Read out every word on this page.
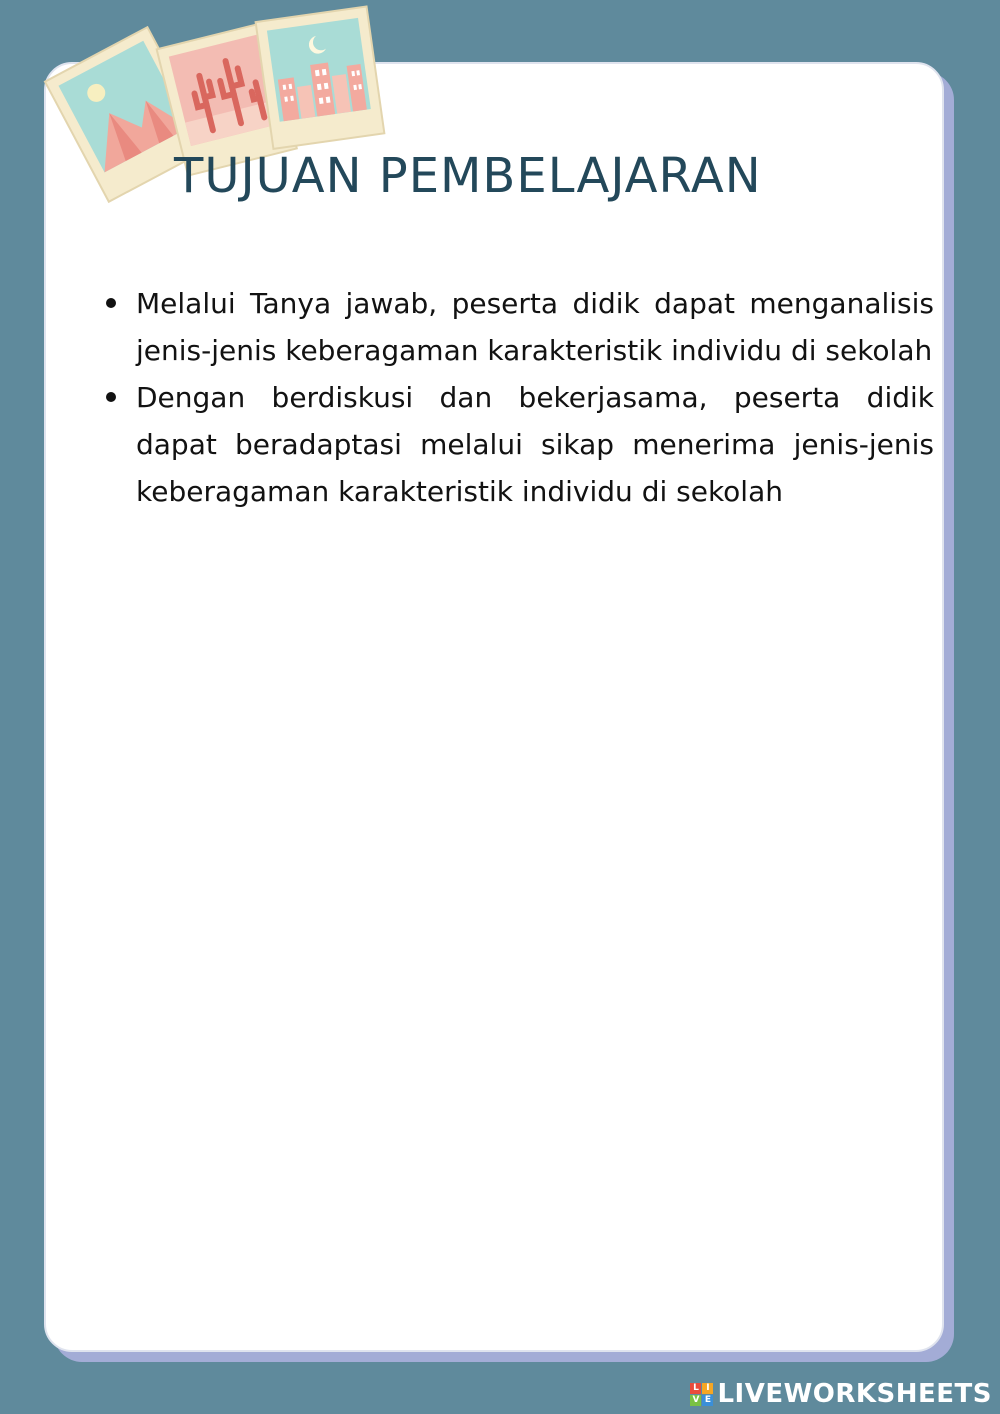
TUJUAN PEMBELAJARAN
Melalui Tanya jawab, peserta didik dapat menganalisis jenis-jenis keberagaman karakteristik individu di sekolah
Dengan berdiskusi dan bekerjasama, peserta didik dapat beradaptasi melalui sikap menerima jenis-jenis keberagaman karakteristik individu di sekolah
L I
V E LIVEWORKSHEETS
